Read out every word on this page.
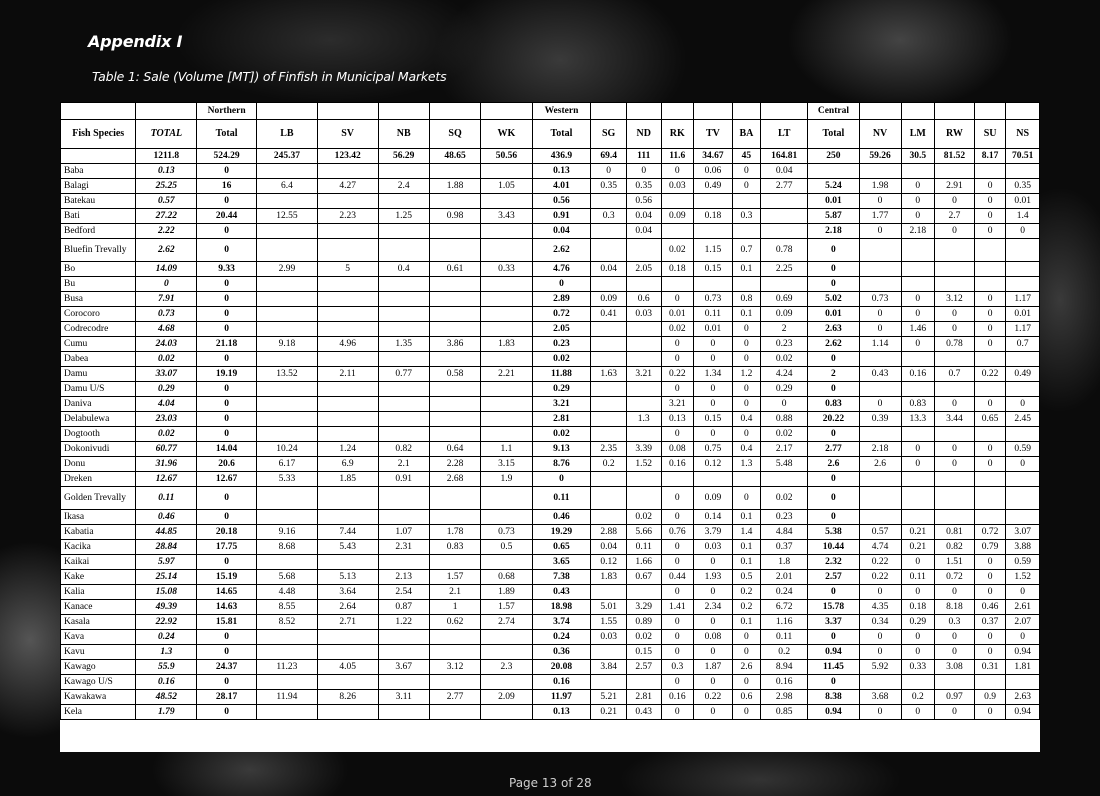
Appendix I
Table 1: Sale (Volume [MT]) of Finfish in Municipal Markets
		Northern						Western							Central					
Fish Species	TOTAL	Total	LB	SV	NB	SQ	WK	Total	SG	ND	RK	TV	BA	LT	Total	NV	LM	RW	SU	NS
	1211.8	524.29	245.37	123.42	56.29	48.65	50.56	436.9	69.4	111	11.6	34.67	45	164.81	250	59.26	30.5	81.52	8.17	70.51
Baba	0.13	0						0.13	0	0	0	0.06	0	0.04						
Balagi	25.25	16	6.4	4.27	2.4	1.88	1.05	4.01	0.35	0.35	0.03	0.49	0	2.77	5.24	1.98	0	2.91	0	0.35
Batekau	0.57	0						0.56		0.56					0.01	0	0	0	0	0.01
Bati	27.22	20.44	12.55	2.23	1.25	0.98	3.43	0.91	0.3	0.04	0.09	0.18	0.3		5.87	1.77	0	2.7	0	1.4
Bedford	2.22	0						0.04		0.04					2.18	0	2.18	0	0	0
Bluefin Trevally	2.62	0						2.62			0.02	1.15	0.7	0.78	0					
Bo	14.09	9.33	2.99	5	0.4	0.61	0.33	4.76	0.04	2.05	0.18	0.15	0.1	2.25	0					
Bu	0	0						0							0					
Busa	7.91	0						2.89	0.09	0.6	0	0.73	0.8	0.69	5.02	0.73	0	3.12	0	1.17
Corocoro	0.73	0						0.72	0.41	0.03	0.01	0.11	0.1	0.09	0.01	0	0	0	0	0.01
Codrecodre	4.68	0						2.05			0.02	0.01	0	2	2.63	0	1.46	0	0	1.17
Cumu	24.03	21.18	9.18	4.96	1.35	3.86	1.83	0.23			0	0	0	0.23	2.62	1.14	0	0.78	0	0.7
Dabea	0.02	0						0.02			0	0	0	0.02	0					
Damu	33.07	19.19	13.52	2.11	0.77	0.58	2.21	11.88	1.63	3.21	0.22	1.34	1.2	4.24	2	0.43	0.16	0.7	0.22	0.49
Damu U/S	0.29	0						0.29			0	0	0	0.29	0					
Daniva	4.04	0						3.21			3.21	0	0	0	0.83	0	0.83	0	0	0
Delabulewa	23.03	0						2.81		1.3	0.13	0.15	0.4	0.88	20.22	0.39	13.3	3.44	0.65	2.45
Dogtooth	0.02	0						0.02			0	0	0	0.02	0					
Dokonivudi	60.77	14.04	10.24	1.24	0.82	0.64	1.1	9.13	2.35	3.39	0.08	0.75	0.4	2.17	2.77	2.18	0	0	0	0.59
Donu	31.96	20.6	6.17	6.9	2.1	2.28	3.15	8.76	0.2	1.52	0.16	0.12	1.3	5.48	2.6	2.6	0	0	0	0
Dreken	12.67	12.67	5.33	1.85	0.91	2.68	1.9	0							0					
Golden Trevally	0.11	0						0.11			0	0.09	0	0.02	0					
Ikasa	0.46	0						0.46		0.02	0	0.14	0.1	0.23	0					
Kabatia	44.85	20.18	9.16	7.44	1.07	1.78	0.73	19.29	2.88	5.66	0.76	3.79	1.4	4.84	5.38	0.57	0.21	0.81	0.72	3.07
Kacika	28.84	17.75	8.68	5.43	2.31	0.83	0.5	0.65	0.04	0.11	0	0.03	0.1	0.37	10.44	4.74	0.21	0.82	0.79	3.88
Kaikai	5.97	0						3.65	0.12	1.66	0	0	0.1	1.8	2.32	0.22	0	1.51	0	0.59
Kake	25.14	15.19	5.68	5.13	2.13	1.57	0.68	7.38	1.83	0.67	0.44	1.93	0.5	2.01	2.57	0.22	0.11	0.72	0	1.52
Kalia	15.08	14.65	4.48	3.64	2.54	2.1	1.89	0.43			0	0	0.2	0.24	0	0	0	0	0	0
Kanace	49.39	14.63	8.55	2.64	0.87	1	1.57	18.98	5.01	3.29	1.41	2.34	0.2	6.72	15.78	4.35	0.18	8.18	0.46	2.61
Kasala	22.92	15.81	8.52	2.71	1.22	0.62	2.74	3.74	1.55	0.89	0	0	0.1	1.16	3.37	0.34	0.29	0.3	0.37	2.07
Kava	0.24	0						0.24	0.03	0.02	0	0.08	0	0.11	0	0	0	0	0	0
Kavu	1.3	0						0.36		0.15	0	0	0	0.2	0.94	0	0	0	0	0.94
Kawago	55.9	24.37	11.23	4.05	3.67	3.12	2.3	20.08	3.84	2.57	0.3	1.87	2.6	8.94	11.45	5.92	0.33	3.08	0.31	1.81
Kawago U/S	0.16	0						0.16			0	0	0	0.16	0					
Kawakawa	48.52	28.17	11.94	8.26	3.11	2.77	2.09	11.97	5.21	2.81	0.16	0.22	0.6	2.98	8.38	3.68	0.2	0.97	0.9	2.63
Kela	1.79	0						0.13	0.21	0.43	0	0	0	0.85	0.94	0	0	0	0	0.94
Page 13 of 28
